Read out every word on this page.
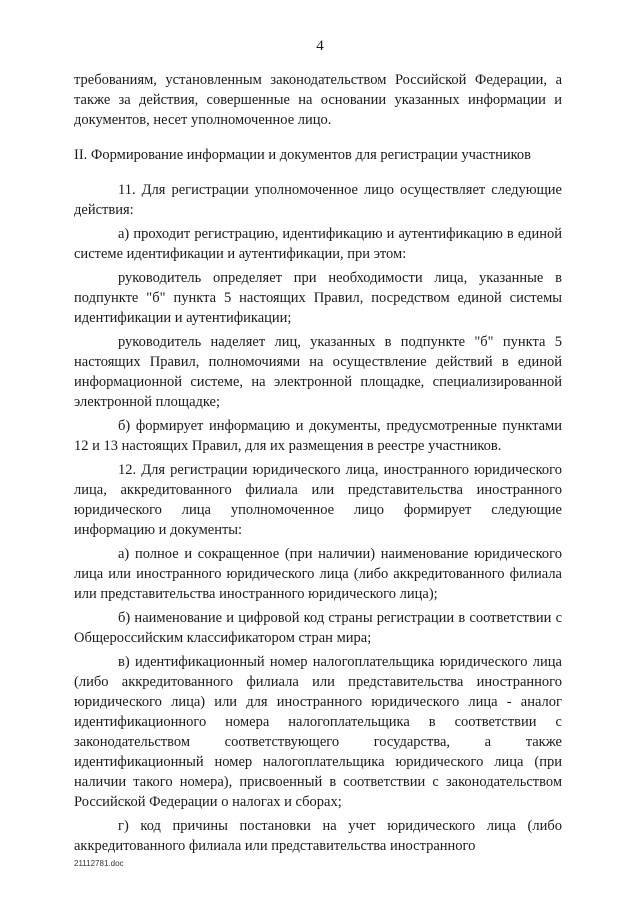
4

требованиям, установленным законодательством Российской Федерации, а также за действия, совершенные на основании указанных информации и документов, несет уполномоченное лицо.

II. Формирование информации и документов для регистрации участников

11. Для регистрации уполномоченное лицо осуществляет следующие действия:

а) проходит регистрацию, идентификацию и аутентификацию в единой системе идентификации и аутентификации, при этом:

руководитель определяет при необходимости лица, указанные в подпункте "б" пункта 5 настоящих Правил, посредством единой системы идентификации и аутентификации;

руководитель наделяет лиц, указанных в подпункте "б" пункта 5 настоящих Правил, полномочиями на осуществление действий в единой информационной системе, на электронной площадке, специализированной электронной площадке;

б) формирует информацию и документы, предусмотренные пунктами 12 и 13 настоящих Правил, для их размещения в реестре участников.

12. Для регистрации юридического лица, иностранного юридического лица, аккредитованного филиала или представительства иностранного юридического лица уполномоченное лицо формирует следующие информацию и документы:

а) полное и сокращенное (при наличии) наименование юридического лица или иностранного юридического лица (либо аккредитованного филиала или представительства иностранного юридического лица);

б) наименование и цифровой код страны регистрации в соответствии с Общероссийским классификатором стран мира;

в) идентификационный номер налогоплательщика юридического лица (либо аккредитованного филиала или представительства иностранного юридического лица) или для иностранного юридического лица - аналог идентификационного номера налогоплательщика в соответствии с законодательством соответствующего государства, а также идентификационный номер налогоплательщика юридического лица (при наличии такого номера), присвоенный в соответствии с законодательством Российской Федерации о налогах и сборах;

г) код причины постановки на учет юридического лица (либо аккредитованного филиала или представительства иностранного

21112781.doc
